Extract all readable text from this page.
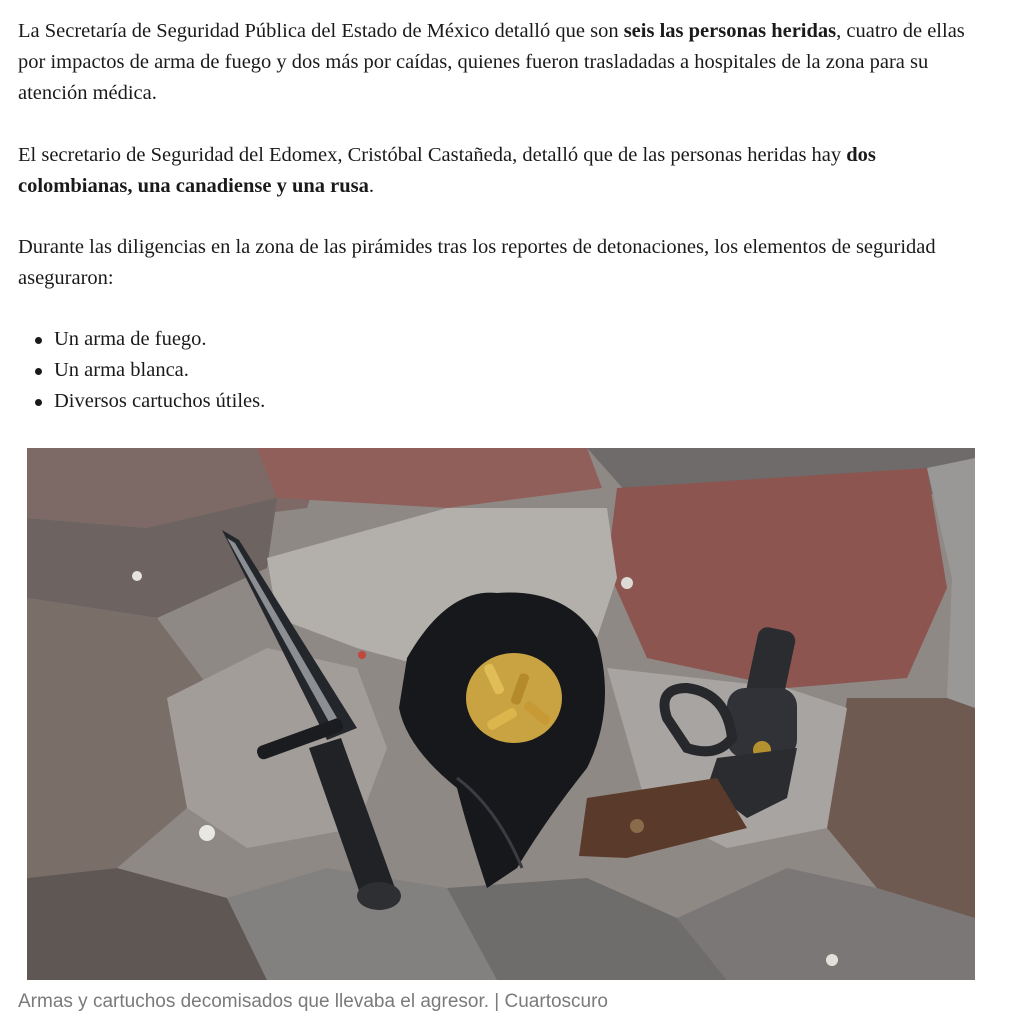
La Secretaría de Seguridad Pública del Estado de México detalló que son seis las personas heridas, cuatro de ellas por impactos de arma de fuego y dos más por caídas, quienes fueron trasladadas a hospitales de la zona para su atención médica.

El secretario de Seguridad del Edomex, Cristóbal Castañeda, detalló que de las personas heridas hay dos colombianas, una canadiense y una rusa.

Durante las diligencias en la zona de las pirámides tras los reportes de detonaciones, los elementos de seguridad aseguraron:

Un arma de fuego.
Un arma blanca.
Diversos cartuchos útiles.

Armas y cartuchos decomisados que llevaba el agresor. | Cuartoscuro
